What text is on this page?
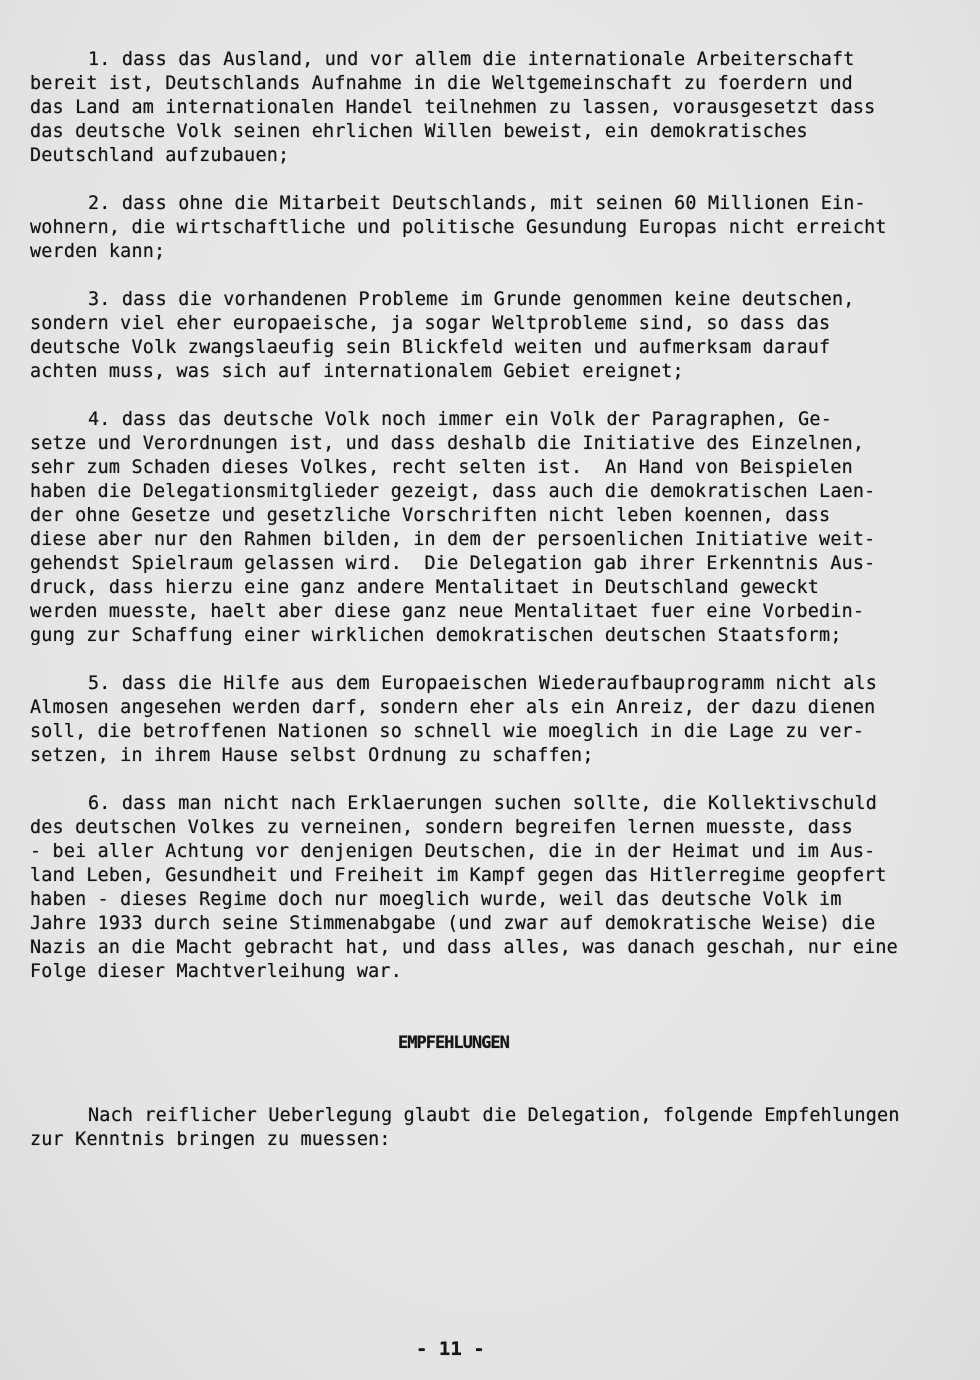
1. dass das Ausland, und vor allem die internationale Arbeiterschaft
bereit ist, Deutschlands Aufnahme in die Weltgemeinschaft zu foerdern und
das Land am internationalen Handel teilnehmen zu lassen, vorausgesetzt dass
das deutsche Volk seinen ehrlichen Willen beweist, ein demokratisches
Deutschland aufzubauen;
2. dass ohne die Mitarbeit Deutschlands, mit seinen 60 Millionen Ein-
wohnern, die wirtschaftliche und politische Gesundung Europas nicht erreicht
werden kann;
3. dass die vorhandenen Probleme im Grunde genommen keine deutschen,
sondern viel eher europaeische, ja sogar Weltprobleme sind, so dass das
deutsche Volk zwangslaeufig sein Blickfeld weiten und aufmerksam darauf
achten muss, was sich auf internationalem Gebiet ereignet;
4. dass das deutsche Volk noch immer ein Volk der Paragraphen, Ge-
setze und Verordnungen ist, und dass deshalb die Initiative des Einzelnen,
sehr zum Schaden dieses Volkes, recht selten ist.  An Hand von Beispielen
haben die Delegationsmitglieder gezeigt, dass auch die demokratischen Laen-
der ohne Gesetze und gesetzliche Vorschriften nicht leben koennen, dass
diese aber nur den Rahmen bilden, in dem der persoenlichen Initiative weit-
gehendst Spielraum gelassen wird.  Die Delegation gab ihrer Erkenntnis Aus-
druck, dass hierzu eine ganz andere Mentalitaet in Deutschland geweckt
werden muesste, haelt aber diese ganz neue Mentalitaet fuer eine Vorbedin-
gung zur Schaffung einer wirklichen demokratischen deutschen Staatsform;
5. dass die Hilfe aus dem Europaeischen Wiederaufbauprogramm nicht als
Almosen angesehen werden darf, sondern eher als ein Anreiz, der dazu dienen
soll, die betroffenen Nationen so schnell wie moeglich in die Lage zu ver-
setzen, in ihrem Hause selbst Ordnung zu schaffen;
6. dass man nicht nach Erklaerungen suchen sollte, die Kollektivschuld
des deutschen Volkes zu verneinen, sondern begreifen lernen muesste, dass
- bei aller Achtung vor denjenigen Deutschen, die in der Heimat und im Aus-
land Leben, Gesundheit und Freiheit im Kampf gegen das Hitlerregime geopfert
haben - dieses Regime doch nur moeglich wurde, weil das deutsche Volk im
Jahre 1933 durch seine Stimmenabgabe (und zwar auf demokratische Weise) die
Nazis an die Macht gebracht hat, und dass alles, was danach geschah, nur eine
Folge dieser Machtverleihung war.
EMPFEHLUNGEN
Nach reiflicher Ueberlegung glaubt die Delegation, folgende Empfehlungen
zur Kenntnis bringen zu muessen:
- 11 -
